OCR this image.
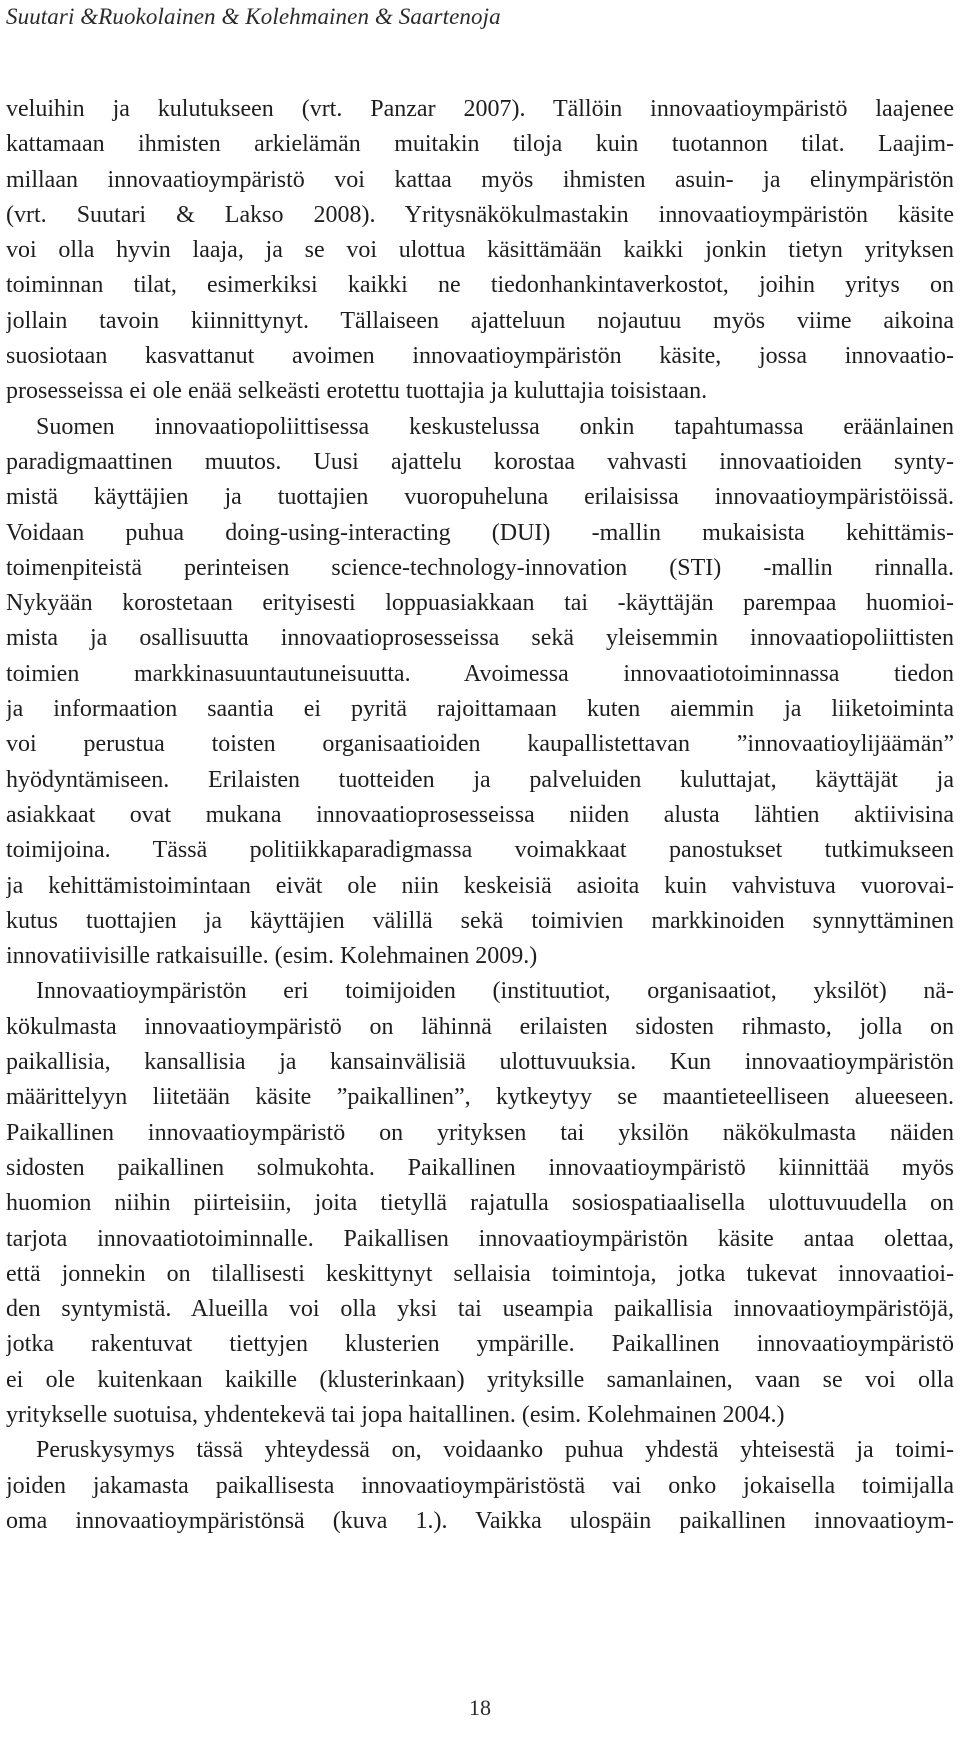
Suutari &Ruokolainen & Kolehmainen & Saartenoja
veluihin ja kulutukseen (vrt. Panzar 2007). Tällöin innovaatioympäristö laajenee
kattamaan ihmisten arkielämän muitakin tiloja kuin tuotannon tilat. Laajim-
millaan innovaatioympäristö voi kattaa myös ihmisten asuin- ja elinympäristön
(vrt. Suutari & Lakso 2008). Yritysnäkökulmastakin innovaatioympäristön käsite
voi olla hyvin laaja, ja se voi ulottua käsittämään kaikki jonkin tietyn yrityksen
toiminnan tilat, esimerkiksi kaikki ne tiedonhankintaverkostot, joihin yritys on
jollain tavoin kiinnittynyt. Tällaiseen ajatteluun nojautuu myös viime aikoina
suosiotaan kasvattanut avoimen innovaatioympäristön käsite, jossa innovaatio-
prosesseissa ei ole enää selkeästi erotettu tuottajia ja kuluttajia toisistaan.
Suomen innovaatiopoliittisessa keskustelussa onkin tapahtumassa eräänlainen
paradigmaattinen muutos. Uusi ajattelu korostaa vahvasti innovaatioiden synty-
mistä käyttäjien ja tuottajien vuoropuheluna erilaisissa innovaatioympäristöissä.
Voidaan puhua doing-using-interacting (DUI) -mallin mukaisista kehittämis-
toimenpiteistä perinteisen science-technology-innovation (STI) -mallin rinnalla.
Nykyään korostetaan erityisesti loppuasiakkaan tai -käyttäjän parempaa huomioi-
mista ja osallisuutta innovaatioprosesseissa sekä yleisemmin innovaatiopoliittisten
toimien markkinasuuntautuneisuutta. Avoimessa innovaatiotoiminnassa tiedon
ja informaation saantia ei pyritä rajoittamaan kuten aiemmin ja liiketoiminta
voi perustua toisten organisaatioiden kaupallistettavan ”innovaatioylijäämän”
hyödyntämiseen. Erilaisten tuotteiden ja palveluiden kuluttajat, käyttäjät ja
asiakkaat ovat mukana innovaatioprosesseissa niiden alusta lähtien aktiivisina
toimijoina. Tässä politiikkaparadigmassa voimakkaat panostukset tutkimukseen
ja kehittämistoimintaan eivät ole niin keskeisiä asioita kuin vahvistuva vuorovai-
kutus tuottajien ja käyttäjien välillä sekä toimivien markkinoiden synnyttäminen
innovatiivisille ratkaisuille. (esim. Kolehmainen 2009.)
Innovaatioympäristön eri toimijoiden (instituutiot, organisaatiot, yksilöt) nä-
kökulmasta innovaatioympäristö on lähinnä erilaisten sidosten rihmasto, jolla on
paikallisia, kansallisia ja kansainvälisiä ulottuvuuksia. Kun innovaatioympäristön
määrittelyyn liitetään käsite ”paikallinen”, kytkeytyy se maantieteelliseen alueeseen.
Paikallinen innovaatioympäristö on yrityksen tai yksilön näkökulmasta näiden
sidosten paikallinen solmukohta. Paikallinen innovaatioympäristö kiinnittää myös
huomion niihin piirteisiin, joita tietyllä rajatulla sosiospatiaalisella ulottuvuudella on
tarjota innovaatiotoiminnalle. Paikallisen innovaatioympäristön käsite antaa olettaa,
että jonnekin on tilallisesti keskittynyt sellaisia toimintoja, jotka tukevat innovaatioi-
den syntymistä. Alueilla voi olla yksi tai useampia paikallisia innovaatioympäristöjä,
jotka rakentuvat tiettyjen klusterien ympärille. Paikallinen innovaatioympäristö
ei ole kuitenkaan kaikille (klusterinkaan) yrityksille samanlainen, vaan se voi olla
yritykselle suotuisa, yhdentekevä tai jopa haitallinen. (esim. Kolehmainen 2004.)
Peruskysymys tässä yhteydessä on, voidaanko puhua yhdestä yhteisestä ja toimi-
joiden jakamasta paikallisesta innovaatioympäristöstä vai onko jokaisella toimijalla
oma innovaatioympäristönsä (kuva 1.). Vaikka ulospäin paikallinen innovaatioym-
18
